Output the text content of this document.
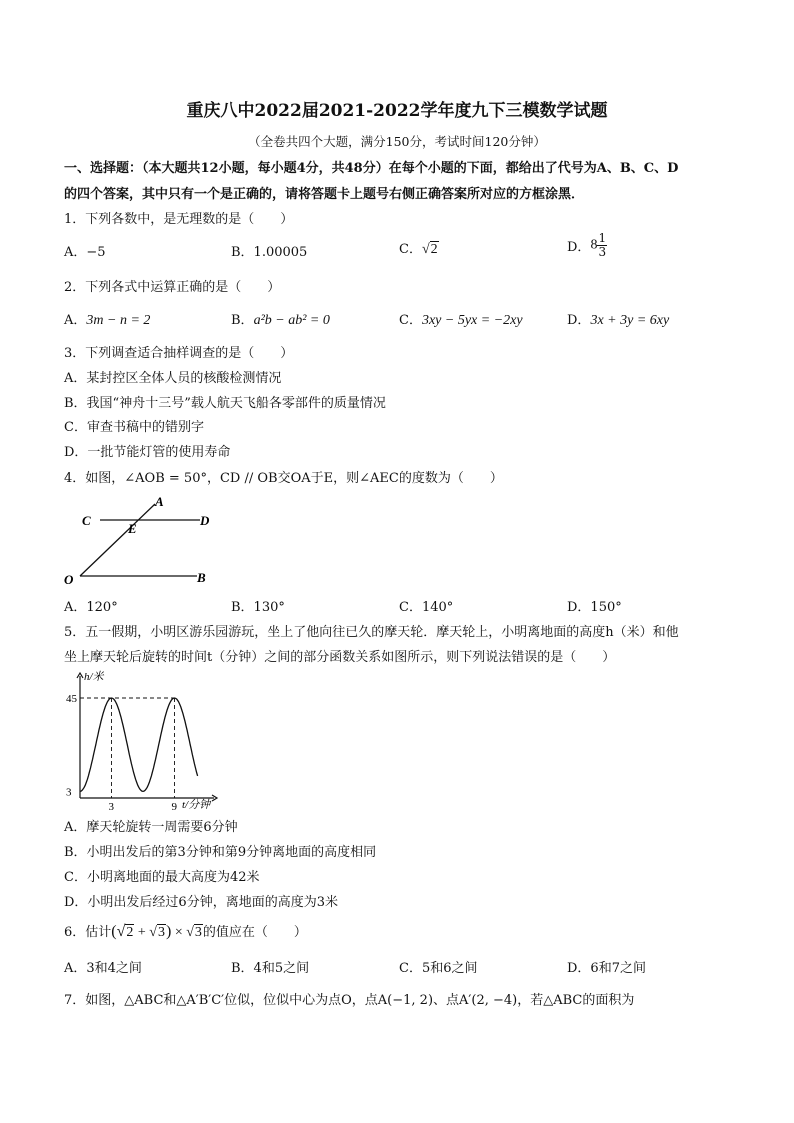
重庆八中2022届2021-2022学年度九下三模数学试题
（全卷共四个大题，满分150分，考试时间120分钟）
一、选择题：（本大题共12小题，每小题4分，共48分）在每个小题的下面，都给出了代号为A、B、C、D
的四个答案，其中只有一个是正确的，请将答题卡上题号右侧正确答案所对应的方框涂黑．
1．下列各数中，是无理数的是（　　）
A．−5	B．1.00005	C．√2	D．$8 \frac{1}{3}$
2．下列各式中运算正确的是（　　）
A．3m − n = 2	B．a²b − ab² = 0	C．3xy − 5yx = −2xy	D．3x + 3y = 6xy
3．下列调查适合抽样调查的是（　　）
A．某封控区全体人员的核酸检测情况
B．我国“神舟十三号”载人航天飞船各零部件的质量情况
C．审查书稿中的错别字
D．一批节能灯管的使用寿命
4．如图，∠AOB = 50°，CD // OB交OA于E，则∠AEC的度数为（　　）
A
C
E
D
O	B
A．120°	B．130°	C．140°	D．150°
5．五一假期，小明区游乐园游玩，坐上了他向往已久的摩天轮．摩天轮上，小明离地面的高度h（米）和他
坐上摩天轮后旋转的时间t（分钟）之间的部分函数关系如图所示，则下列说法错误的是（　　）
h/米
t/分钟
3
45
3	9
A．摩天轮旋转一周需要6分钟
B．小明出发后的第3分钟和第9分钟离地面的高度相同
C．小明离地面的最大高度为42米
D．小明出发后经过6分钟，离地面的高度为3米
6．估计(√2 + √3) × √3的值应在（　　）
A．3和4之间	B．4和5之间	C．5和6之间	D．6和7之间
7．如图，△ABC和△A′B′C′位似，位似中心为点O，点A(−1, 2)、点A′(2, −4)，若△ABC的面积为
